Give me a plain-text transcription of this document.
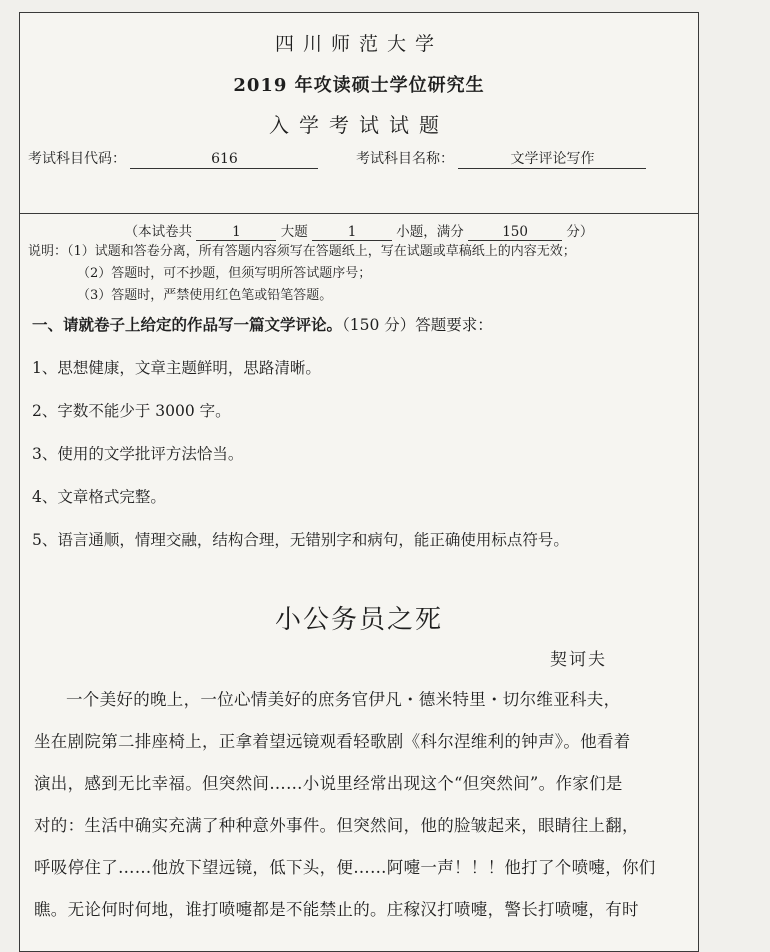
四川师范大学
2019 年攻读硕士学位研究生
入学考试试题
考试科目代码：	616	考试科目名称：	文学评论写作
（本试卷共	1	大题	1	小题，满分	150	分）
说明：（1）试题和答卷分离，所有答题内容须写在答题纸上，写在试题或草稿纸上的内容无效；
（2）答题时，可不抄题，但须写明所答试题序号；
（3）答题时，严禁使用红色笔或铅笔答题。
一、请就卷子上给定的作品写一篇文学评论。（150 分）答题要求：
1、思想健康，文章主题鲜明，思路清晰。
2、字数不能少于 3000 字。
3、使用的文学批评方法恰当。
4、文章格式完整。
5、语言通顺，情理交融，结构合理，无错别字和病句，能正确使用标点符号。
小公务员之死
契诃夫
一个美好的晚上，一位心情美好的庶务官伊凡・德米特里・切尔维亚科夫，
坐在剧院第二排座椅上，正拿着望远镜观看轻歌剧《科尔涅维利的钟声》。他看着
演出，感到无比幸福。但突然间……小说里经常出现这个“但突然间”。作家们是
对的：生活中确实充满了种种意外事件。但突然间，他的脸皱起来，眼睛往上翻，
呼吸停住了……他放下望远镜，低下头，便……阿嚏一声！！！他打了个喷嚏，你们
瞧。无论何时何地，谁打喷嚏都是不能禁止的。庄稼汉打喷嚏，警长打喷嚏，有时
